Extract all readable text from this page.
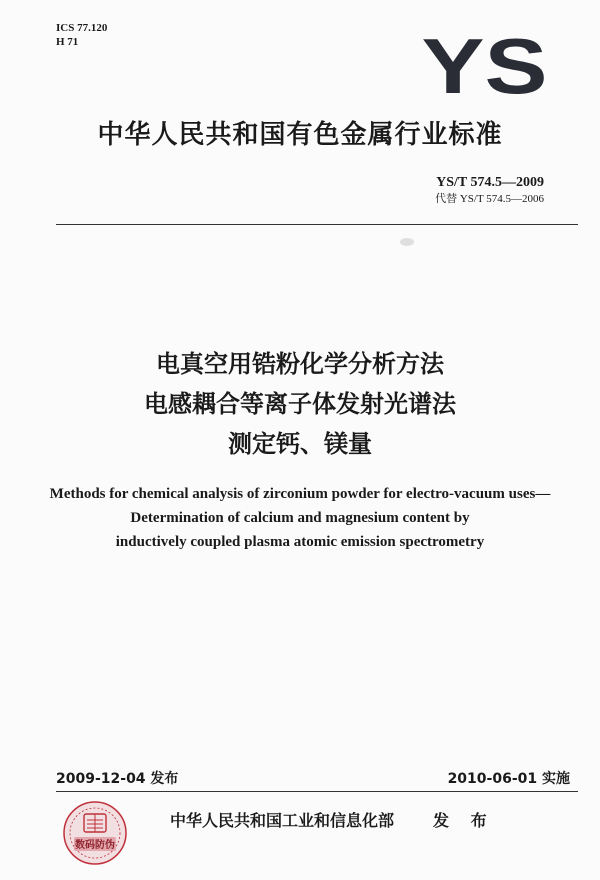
ICS 77.120
H 71	YS
中华人民共和国有色金属行业标准
YS/T 574.5—2009
代替 YS/T 574.5—2006
电真空用锆粉化学分析方法
电感耦合等离子体发射光谱法
测定钙、镁量
Methods for chemical analysis of zirconium powder for electro-vacuum uses—
Determination of calcium and magnesium content by
inductively coupled plasma atomic emission spectrometry
2009-12-04 发布	2010-06-01 实施
数码防伪
中华人民共和国工业和信息化部 发 布
